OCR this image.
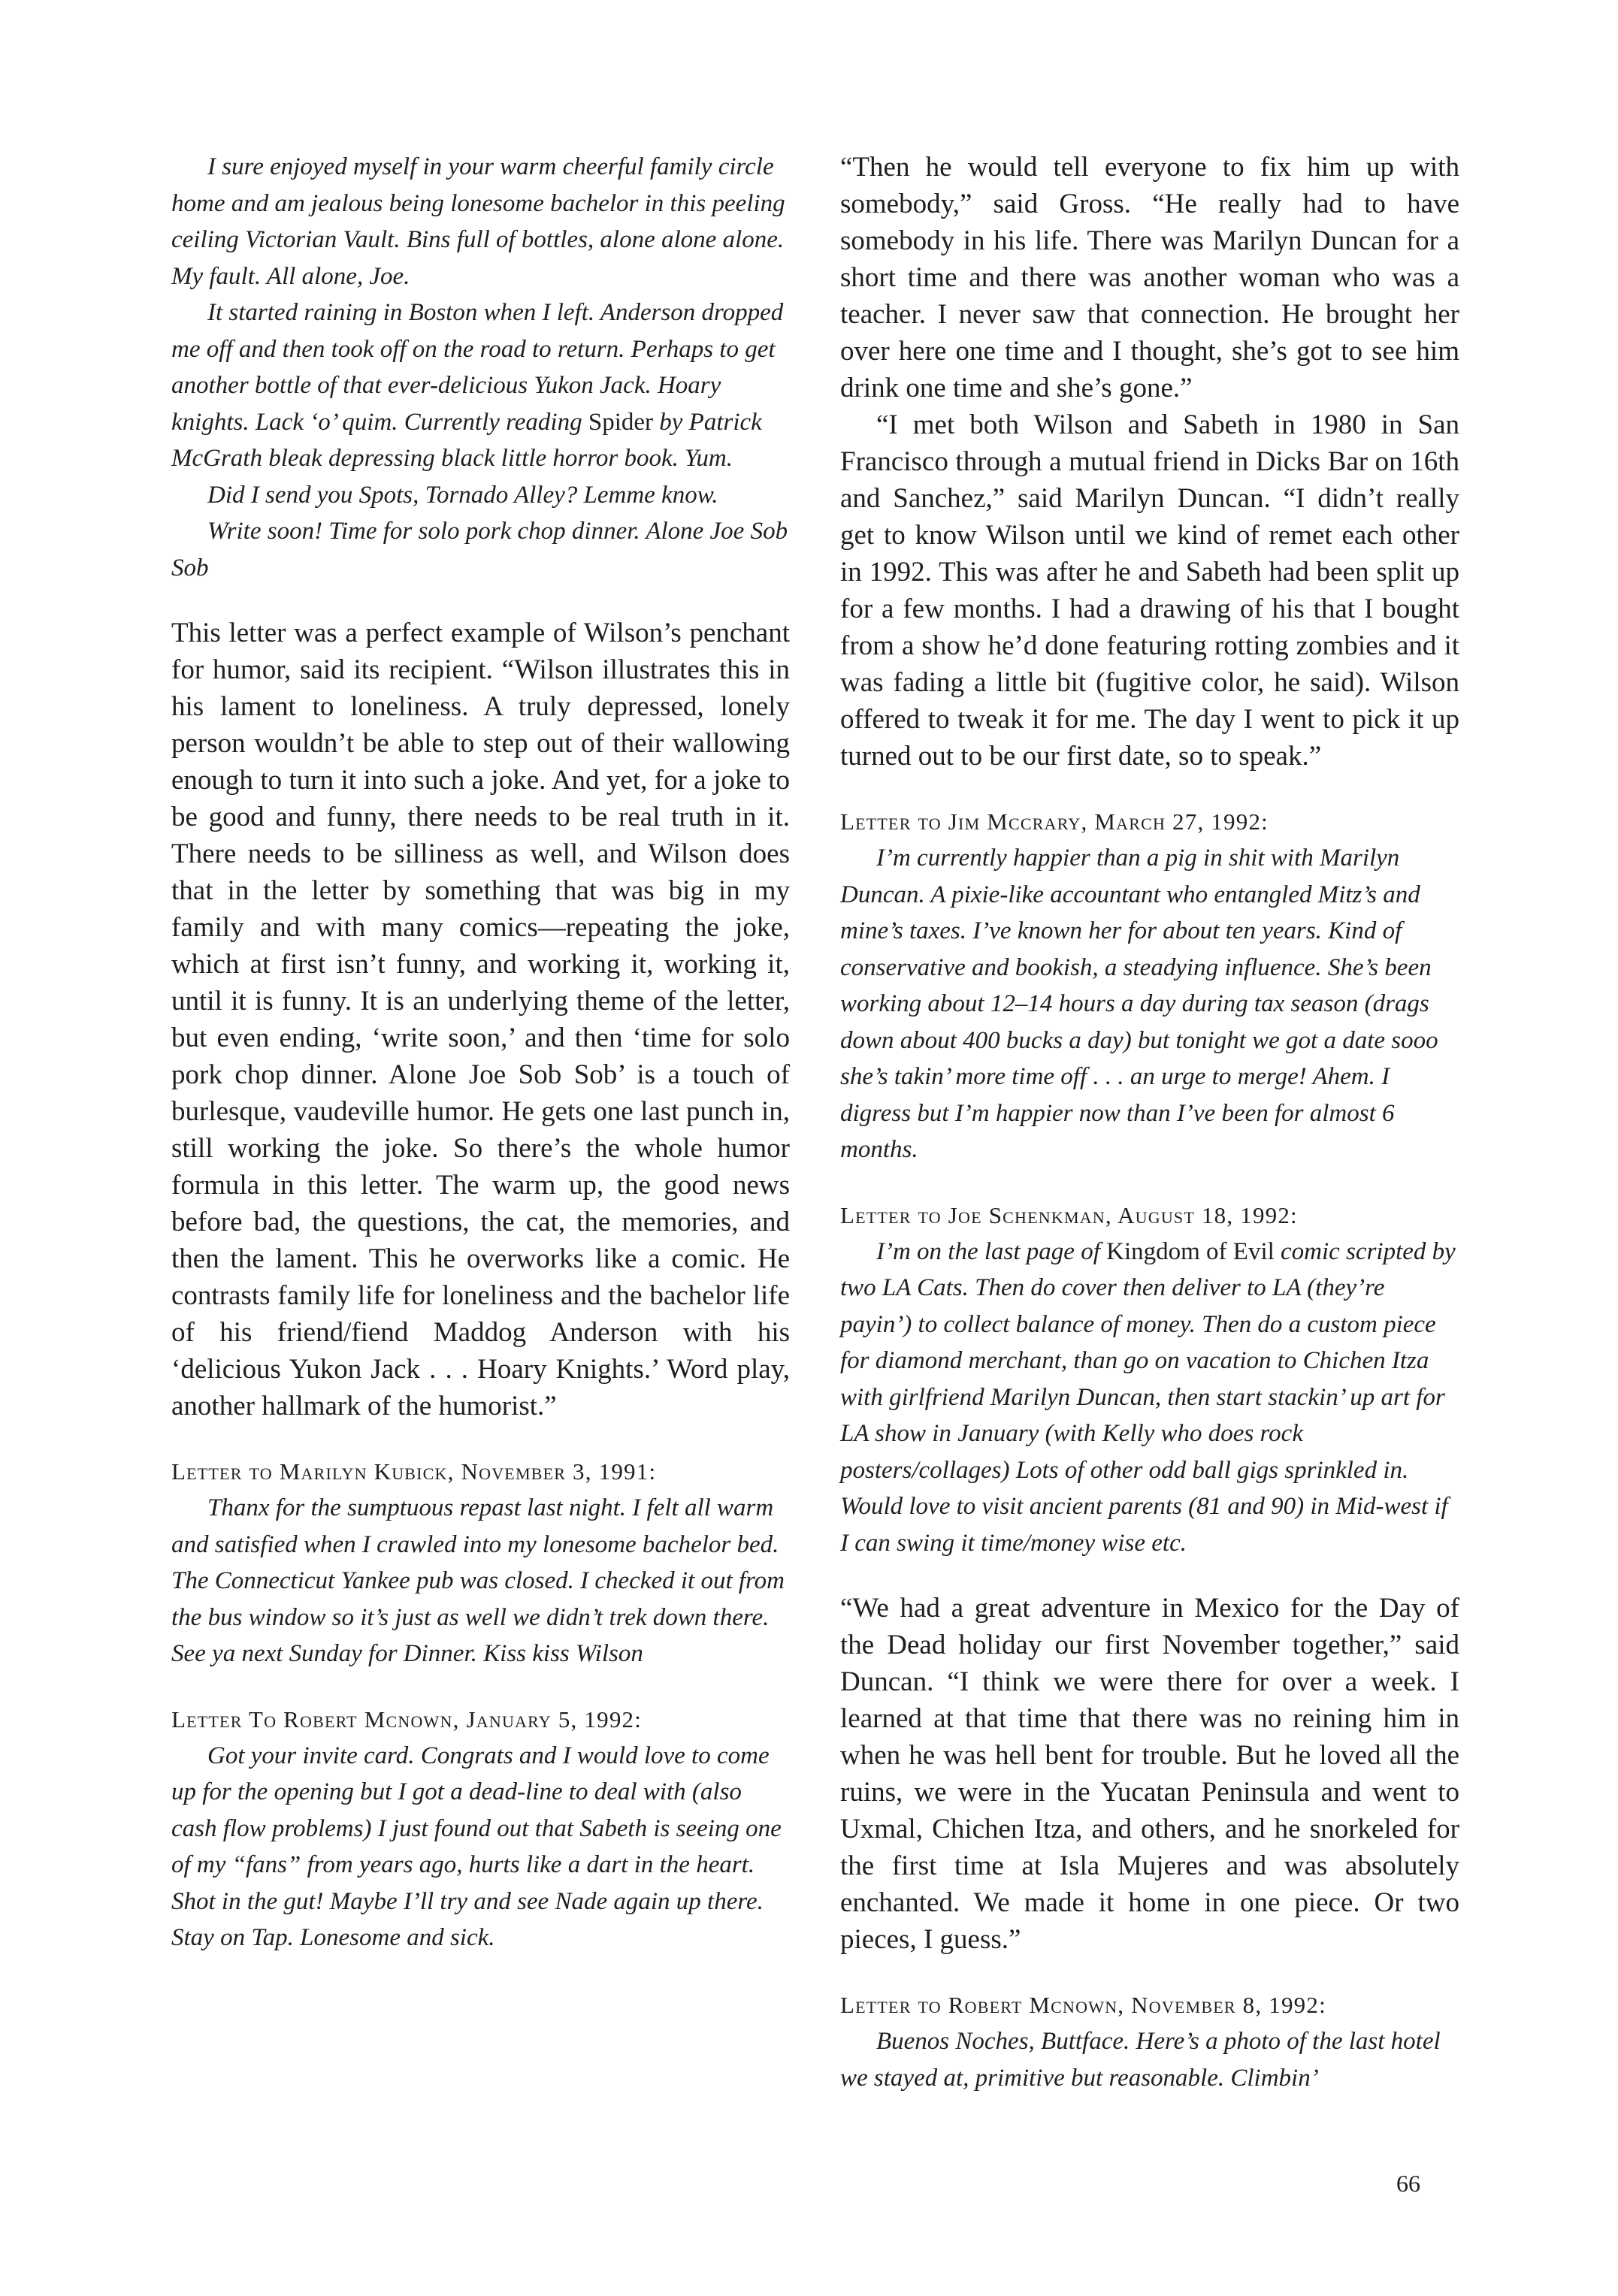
I sure enjoyed myself in your warm cheerful family circle home and am jealous being lonesome bachelor in this peeling ceiling Victorian Vault. Bins full of bottles, alone alone alone. My fault. All alone, Joe.

It started raining in Boston when I left. Anderson dropped me off and then took off on the road to return. Perhaps to get another bottle of that ever-delicious Yukon Jack. Hoary knights. Lack ‘o’ quim. Currently reading Spider by Patrick McGrath bleak depressing black little horror book. Yum.

Did I send you Spots, Tornado Alley? Lemme know.

Write soon! Time for solo pork chop dinner. Alone Joe Sob Sob

This letter was a perfect example of Wilson’s penchant for humor, said its recipient. “Wilson illustrates this in his lament to loneliness. A truly depressed, lonely person wouldn’t be able to step out of their wallowing enough to turn it into such a joke. And yet, for a joke to be good and funny, there needs to be real truth in it. There needs to be silliness as well, and Wilson does that in the letter by something that was big in my family and with many comics—repeating the joke, which at first isn’t funny, and working it, working it, until it is funny. It is an underlying theme of the letter, but even ending, ‘write soon,’ and then ‘time for solo pork chop dinner. Alone Joe Sob Sob’ is a touch of burlesque, vaudeville humor. He gets one last punch in, still working the joke. So there’s the whole humor formula in this letter. The warm up, the good news before bad, the questions, the cat, the memories, and then the lament. This he overworks like a comic. He contrasts family life for loneliness and the bachelor life of his friend/fiend Maddog Anderson with his ‘delicious Yukon Jack . . . Hoary Knights.’ Word play, another hallmark of the humorist.”

Letter to Marilyn Kubick, November 3, 1991:

Thanx for the sumptuous repast last night. I felt all warm and satisfied when I crawled into my lonesome bachelor bed. The Connecticut Yankee pub was closed. I checked it out from the bus window so it’s just as well we didn’t trek down there. See ya next Sunday for Dinner. Kiss kiss Wilson

Letter To Robert Mcnown, January 5, 1992:

Got your invite card. Congrats and I would love to come up for the opening but I got a dead-line to deal with (also cash flow problems) I just found out that Sabeth is seeing one of my “fans” from years ago, hurts like a dart in the heart. Shot in the gut! Maybe I’ll try and see Nade again up there. Stay on Tap. Lonesome and sick.

“Then he would tell everyone to fix him up with somebody,” said Gross. “He really had to have somebody in his life. There was Marilyn Duncan for a short time and there was another woman who was a teacher. I never saw that connection. He brought her over here one time and I thought, she’s got to see him drink one time and she’s gone.”

“I met both Wilson and Sabeth in 1980 in San Francisco through a mutual friend in Dicks Bar on 16th and Sanchez,” said Marilyn Duncan. “I didn’t really get to know Wilson until we kind of remet each other in 1992. This was after he and Sabeth had been split up for a few months. I had a drawing of his that I bought from a show he’d done featuring rotting zombies and it was fading a little bit (fugitive color, he said). Wilson offered to tweak it for me. The day I went to pick it up turned out to be our first date, so to speak.”

Letter to Jim Mccrary, March 27, 1992:

I’m currently happier than a pig in shit with Marilyn Duncan. A pixie-like accountant who entangled Mitz’s and mine’s taxes. I’ve known her for about ten years. Kind of conservative and bookish, a steadying influence. She’s been working about 12–14 hours a day during tax season (drags down about 400 bucks a day) but tonight we got a date sooo she’s takin’ more time off . . . an urge to merge! Ahem. I digress but I’m happier now than I’ve been for almost 6 months.

Letter to Joe Schenkman, August 18, 1992:

I’m on the last page of Kingdom of Evil comic scripted by two LA Cats. Then do cover then deliver to LA (they’re payin’) to collect balance of money. Then do a custom piece for diamond merchant, than go on vacation to Chichen Itza with girlfriend Marilyn Duncan, then start stackin’ up art for LA show in January (with Kelly who does rock posters/collages) Lots of other odd ball gigs sprinkled in. Would love to visit ancient parents (81 and 90) in Mid-west if I can swing it time/money wise etc.

“We had a great adventure in Mexico for the Day of the Dead holiday our first November together,” said Duncan. “I think we were there for over a week. I learned at that time that there was no reining him in when he was hell bent for trouble. But he loved all the ruins, we were in the Yucatan Peninsula and went to Uxmal, Chichen Itza, and others, and he snorkeled for the first time at Isla Mujeres and was absolutely enchanted. We made it home in one piece. Or two pieces, I guess.”

Letter to Robert Mcnown, November 8, 1992:

Buenos Noches, Buttface. Here’s a photo of the last hotel we stayed at, primitive but reasonable. Climbin’

66
